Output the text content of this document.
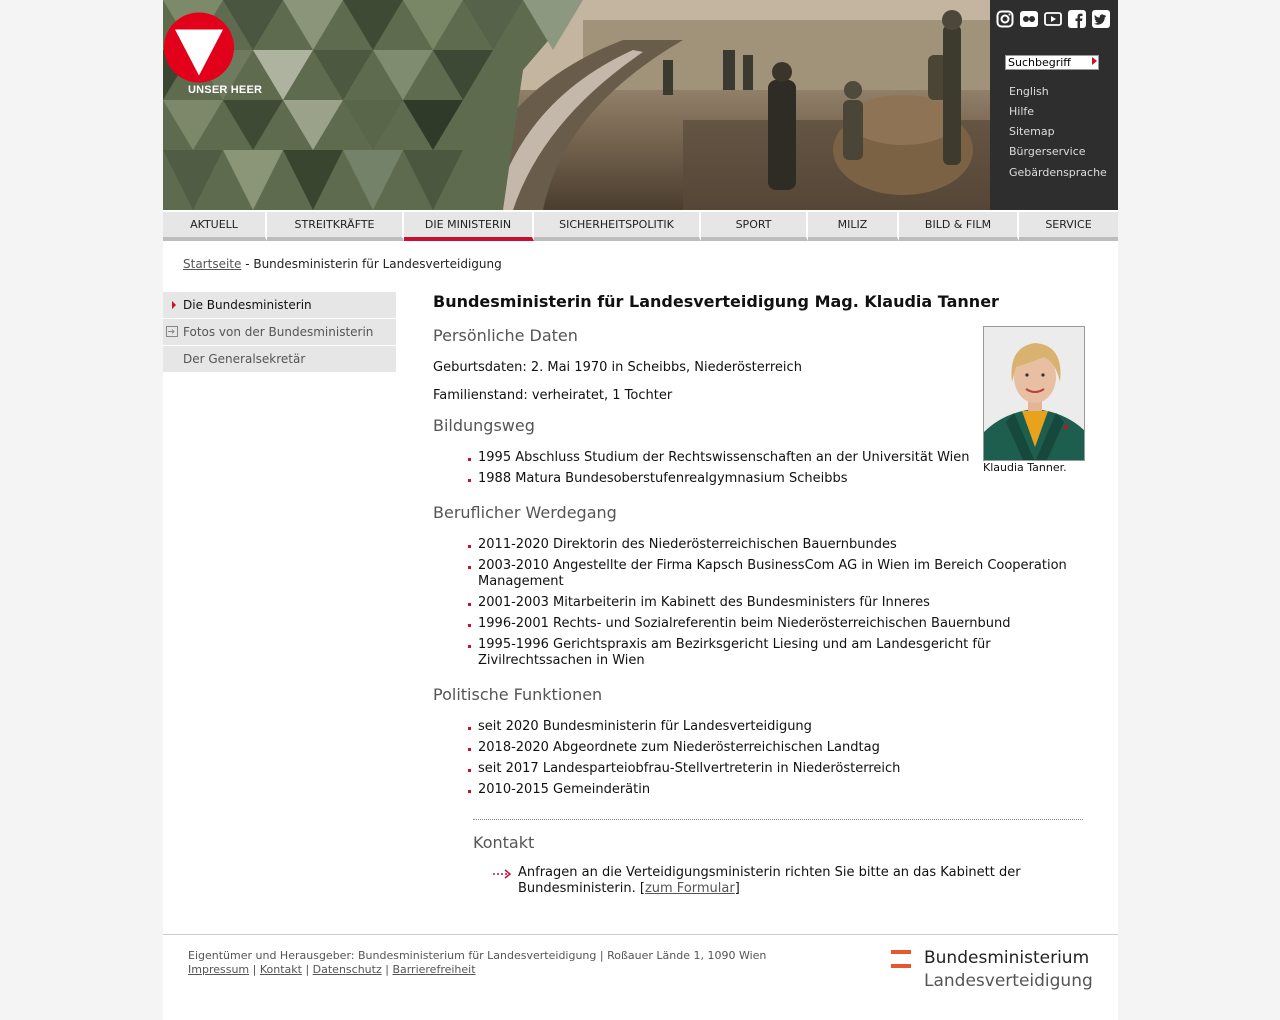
UNSER HEER
Suchbegriff
English
Hilfe
Sitemap
Bürgerservice
Gebärdensprache
AKTUELL	STREITKRÄFTE	DIE MINISTERIN	SICHERHEITSPOLITIK	SPORT	MILIZ	BILD & FILM	SERVICE
Startseite - Bundesministerin für Landesverteidigung
Die Bundesministerin
Fotos von der Bundesministerin
Der Generalsekretär
Bundesministerin für Landesverteidigung Mag. Klaudia Tanner
Persönliche Daten

Geburtsdaten: 2. Mai 1970 in Scheibbs, Niederösterreich

Familienstand: verheiratet, 1 Tochter

Bildungsweg
1995 Abschluss Studium der Rechtswissenschaften an der Universität Wien
1988 Matura Bundesoberstufenrealgymnasium Scheibbs
Beruflicher Werdegang
2011-2020 Direktorin des Niederösterreichischen Bauernbundes
2003-2010 Angestellte der Firma Kapsch BusinessCom AG in Wien im Bereich Cooperation Management
2001-2003 Mitarbeiterin im Kabinett des Bundesministers für Inneres
1996-2001 Rechts- und Sozialreferentin beim Niederösterreichischen Bauernbund
1995-1996 Gerichtspraxis am Bezirksgericht Liesing und am Landesgericht für Zivilrechtssachen in Wien
Politische Funktionen
seit 2020 Bundesministerin für Landesverteidigung
2018-2020 Abgeordnete zum Niederösterreichischen Landtag
seit 2017 Landesparteiobfrau-Stellvertreterin in Niederösterreich
2010-2015 Gemeinderätin
Klaudia Tanner.
Kontakt
Anfragen an die Verteidigungsministerin richten Sie bitte an das Kabinett der Bundesministerin. [zum Formular]
Eigentümer und Herausgeber: Bundesministerium für Landesverteidigung | Roßauer Lände 1, 1090 Wien
Impressum | Kontakt | Datenschutz | Barrierefreiheit
Bundesministerium
Landesverteidigung
